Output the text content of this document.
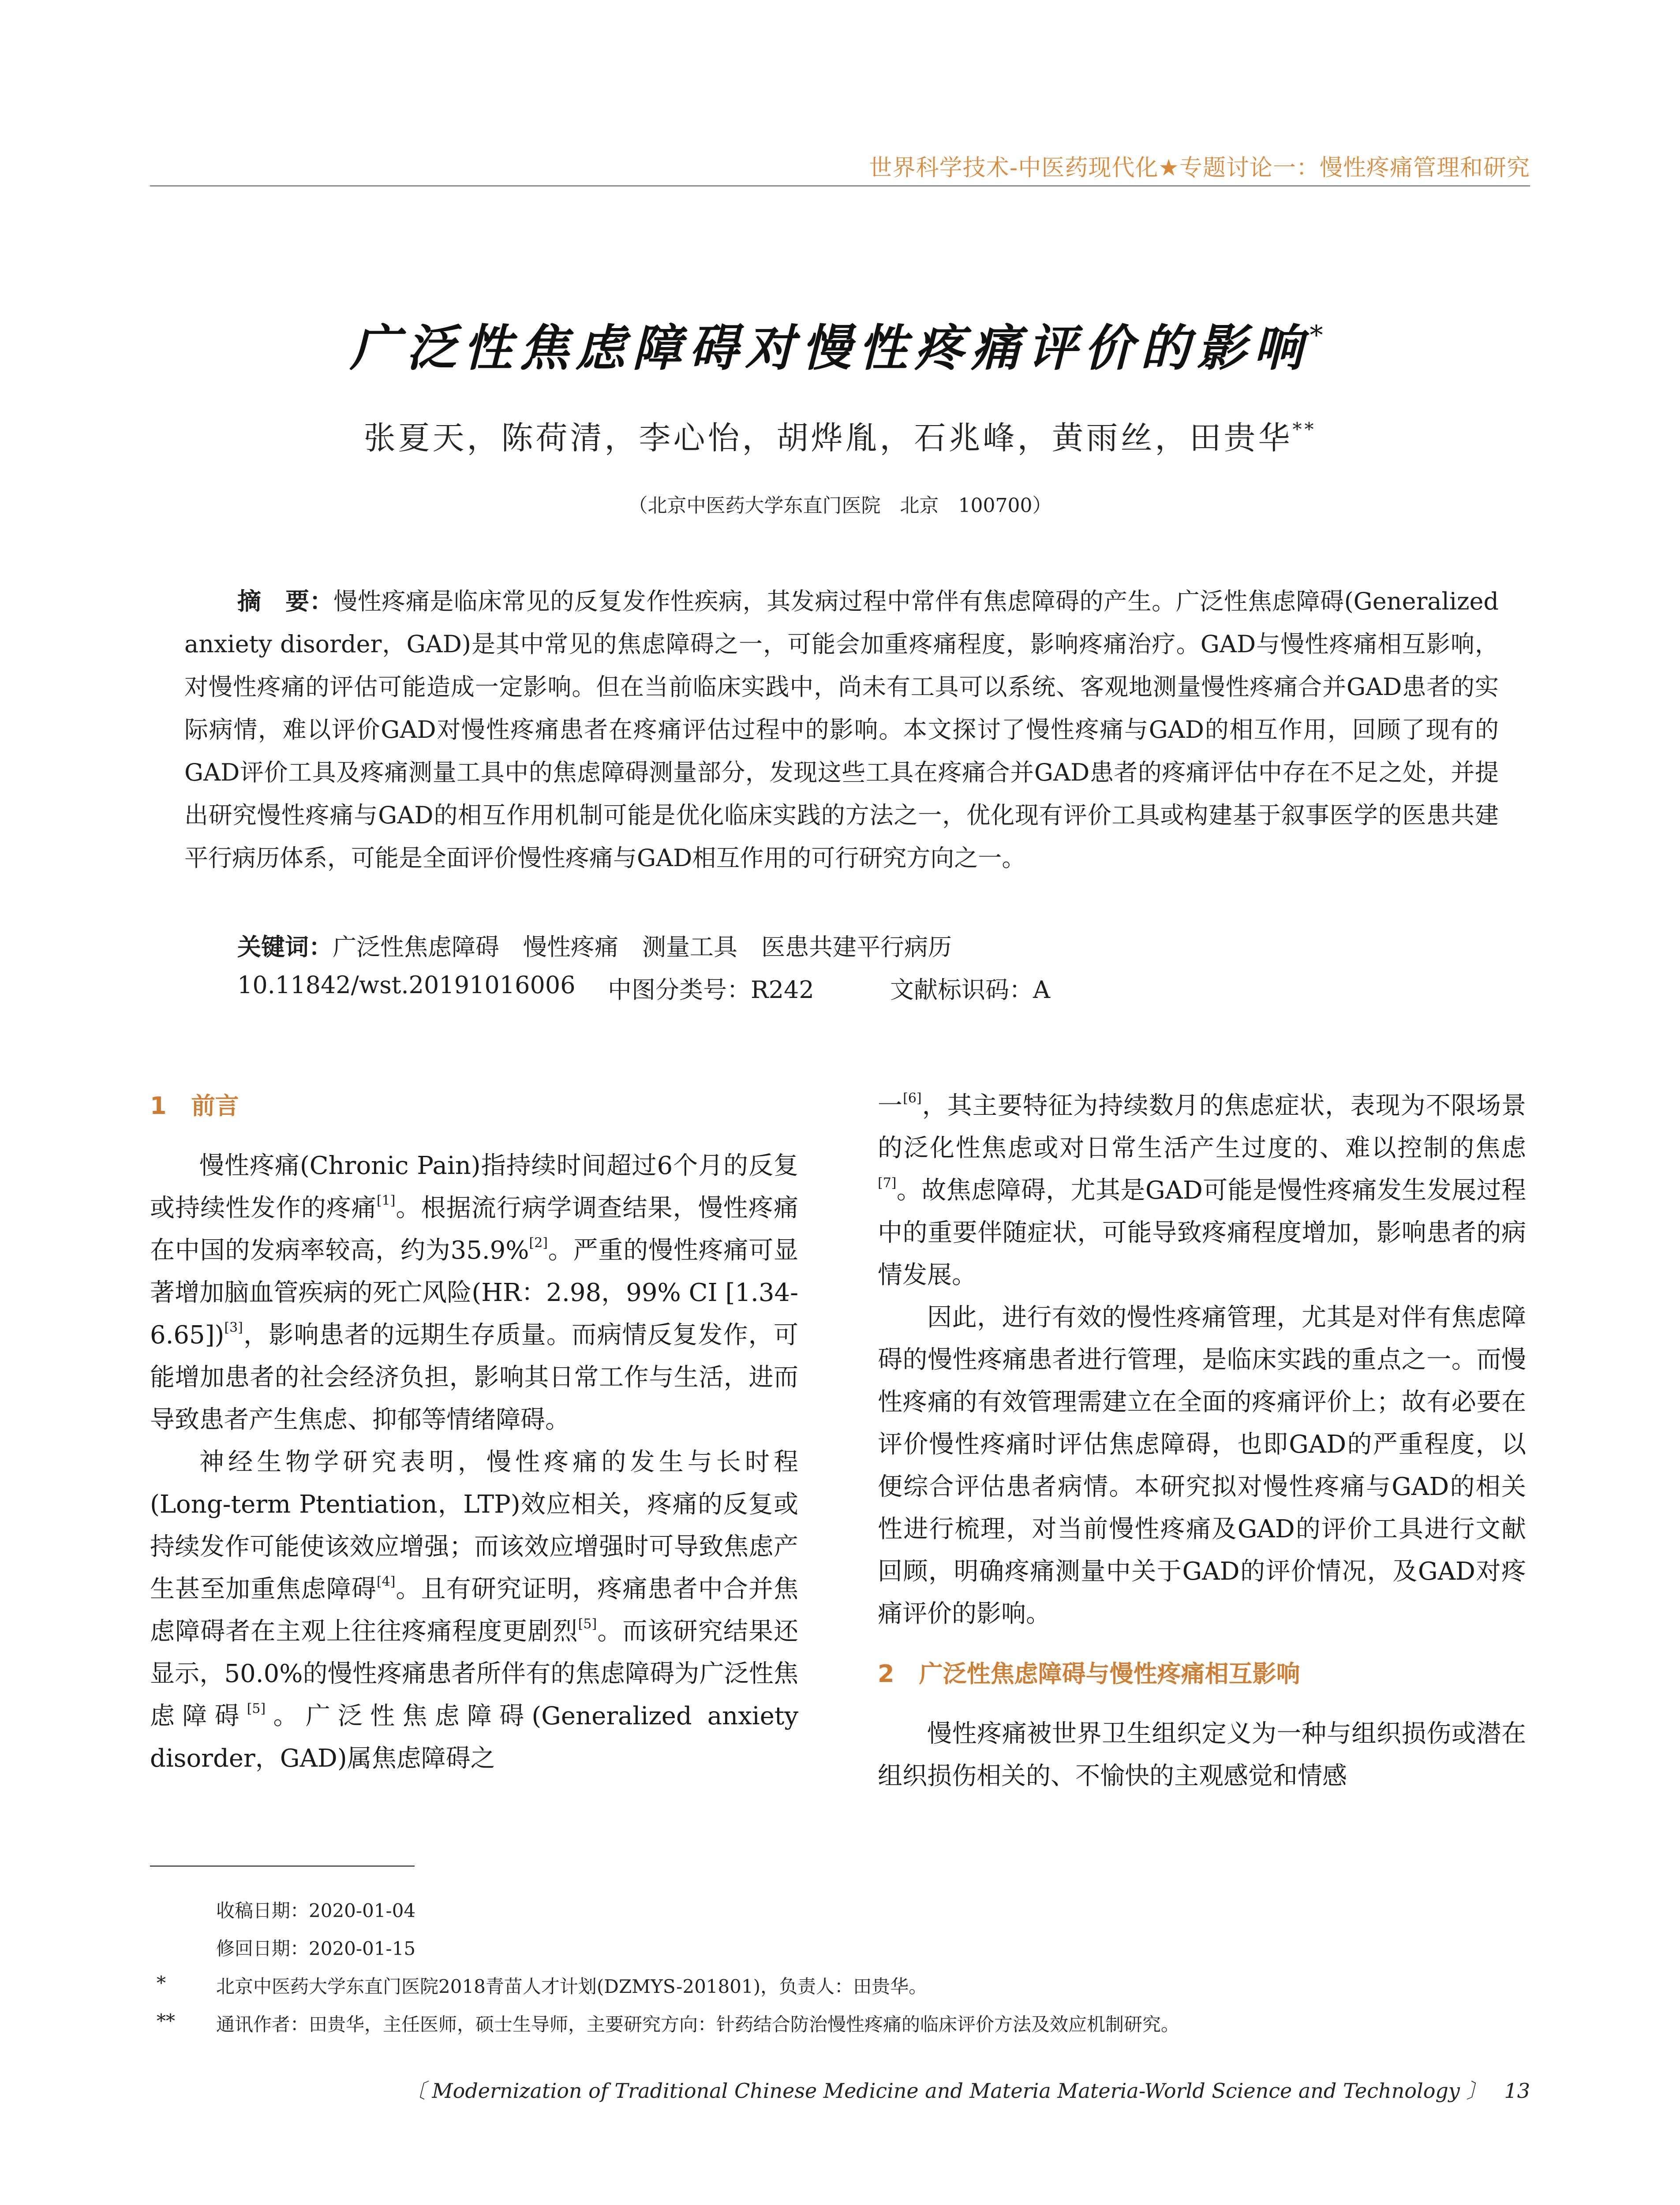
世界科学技术-中医药现代化★专题讨论一：慢性疼痛管理和研究
广泛性焦虑障碍对慢性疼痛评价的影响*
张夏天，陈荷清，李心怡，胡烨胤，石兆峰，黄雨丝，田贵华**
（北京中医药大学东直门医院　北京　100700）
摘　要：慢性疼痛是临床常见的反复发作性疾病，其发病过程中常伴有焦虑障碍的产生。广泛性焦虑障碍(Generalized anxiety disorder，GAD)是其中常见的焦虑障碍之一，可能会加重疼痛程度，影响疼痛治疗。GAD与慢性疼痛相互影响，对慢性疼痛的评估可能造成一定影响。但在当前临床实践中，尚未有工具可以系统、客观地测量慢性疼痛合并GAD患者的实际病情，难以评价GAD对慢性疼痛患者在疼痛评估过程中的影响。本文探讨了慢性疼痛与GAD的相互作用，回顾了现有的GAD评价工具及疼痛测量工具中的焦虑障碍测量部分，发现这些工具在疼痛合并GAD患者的疼痛评估中存在不足之处，并提出研究慢性疼痛与GAD的相互作用机制可能是优化临床实践的方法之一，优化现有评价工具或构建基于叙事医学的医患共建平行病历体系，可能是全面评价慢性疼痛与GAD相互作用的可行研究方向之一。
关键词：广泛性焦虑障碍　慢性疼痛　测量工具　医患共建平行病历
10.11842/wst.20191016006 中图分类号：R242	文献标识码：A
1 前言

慢性疼痛(Chronic Pain)指持续时间超过6个月的反复或持续性发作的疼痛[1]。根据流行病学调查结果，慢性疼痛在中国的发病率较高，约为35.9%[2]。严重的慢性疼痛可显著增加脑血管疾病的死亡风险(HR：2.98，99% CI [1.34-6.65])[3]，影响患者的远期生存质量。而病情反复发作，可能增加患者的社会经济负担，影响其日常工作与生活，进而导致患者产生焦虑、抑郁等情绪障碍。

神经生物学研究表明，慢性疼痛的发生与长时程(Long-term Ptentiation，LTP)效应相关，疼痛的反复或持续发作可能使该效应增强；而该效应增强时可导致焦虑产生甚至加重焦虑障碍[4]。且有研究证明，疼痛患者中合并焦虑障碍者在主观上往往疼痛程度更剧烈[5]。而该研究结果还显示，50.0%的慢性疼痛患者所伴有的焦虑障碍为广泛性焦虑障碍[5]。广泛性焦虑障碍(Generalized anxiety disorder，GAD)属焦虑障碍之

一[6]，其主要特征为持续数月的焦虑症状，表现为不限场景的泛化性焦虑或对日常生活产生过度的、难以控制的焦虑[7]。故焦虑障碍，尤其是GAD可能是慢性疼痛发生发展过程中的重要伴随症状，可能导致疼痛程度增加，影响患者的病情发展。

因此，进行有效的慢性疼痛管理，尤其是对伴有焦虑障碍的慢性疼痛患者进行管理，是临床实践的重点之一。而慢性疼痛的有效管理需建立在全面的疼痛评价上；故有必要在评价慢性疼痛时评估焦虑障碍，也即GAD的严重程度，以便综合评估患者病情。本研究拟对慢性疼痛与GAD的相关性进行梳理，对当前慢性疼痛及GAD的评价工具进行文献回顾，明确疼痛测量中关于GAD的评价情况，及GAD对疼痛评价的影响。

2 广泛性焦虑障碍与慢性疼痛相互影响

慢性疼痛被世界卫生组织定义为一种与组织损伤或潜在组织损伤相关的、不愉快的主观感觉和情感

收稿日期：2020-01-04
修回日期：2020-01-15
*	北京中医药大学东直门医院2018青苗人才计划(DZMYS-201801)，负责人：田贵华。
** 通讯作者：田贵华，主任医师，硕士生导师，主要研究方向：针药结合防治慢性疼痛的临床评价方法及效应机制研究。
〔 Modernization of Traditional Chinese Medicine and Materia Materia-World Science and Technology 〕 13
